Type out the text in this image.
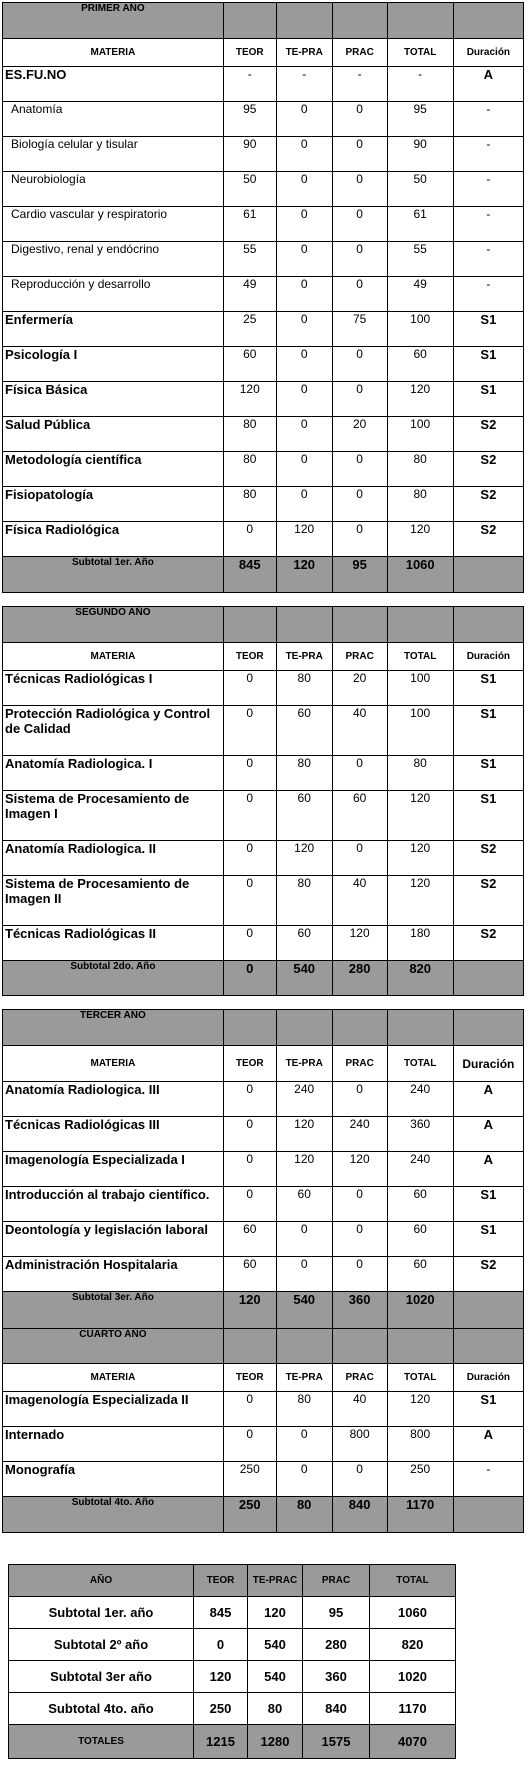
PRIMER AÑO					
MATERIA	TEOR	TE-PRA	PRAC	TOTAL	Duración
ES.FU.NO	-	-	-	-	A
Anatomía	95	0	0	95	-
Biología celular y tisular	90	0	0	90	-
Neurobiología	50	0	0	50	-
Cardio vascular y respiratorio	61	0	0	61	-
Digestivo, renal y endócrino	55	0	0	55	-
Reproducción y desarrollo	49	0	0	49	-
Enfermería	25	0	75	100	S1
Psicología I	60	0	0	60	S1
Física Básica	120	0	0	120	S1
Salud Pública	80	0	20	100	S2
Metodología científica	80	0	0	80	S2
Fisiopatología	80	0	0	80	S2
Física Radiológica	0	120	0	120	S2
Subtotal 1er. Año	845	120	95	1060	
SEGUNDO AÑO					
MATERIA	TEOR	TE-PRA	PRAC	TOTAL	Duración
Técnicas Radiológicas I	0	80	20	100	S1
Protección Radiológica y Control de Calidad	0	60	40	100	S1
Anatomía Radiologica. I	0	80	0	80	S1
Sistema de Procesamiento de Imagen I	0	60	60	120	S1
Anatomía Radiologica. II	0	120	0	120	S2
Sistema de Procesamiento de Imagen II	0	80	40	120	S2
Técnicas Radiológicas II	0	60	120	180	S2
Subtotal 2do. Año	0	540	280	820	
TERCER AÑO					
MATERIA	TEOR	TE-PRA	PRAC	TOTAL	Duración
Anatomía Radiologica. III	0	240	0	240	A
Técnicas Radiológicas III	0	120	240	360	A
Imagenología Especializada I	0	120	120	240	A
Introducción al trabajo científico.	0	60	0	60	S1
Deontología y legislación laboral	60	0	0	60	S1
Administración Hospitalaria	60	0	0	60	S2
Subtotal 3er. Año	120	540	360	1020	
CUARTO AÑO					
MATERIA	TEOR	TE-PRA	PRAC	TOTAL	Duración
Imagenología Especializada II	0	80	40	120	S1
Internado	0	0	800	800	A
Monografía	250	0	0	250	-
Subtotal 4to. Año	250	80	840	1170	
AÑO	TEOR	TE-PRAC	PRAC	TOTAL
Subtotal 1er. año	845	120	95	1060
Subtotal 2º año	0	540	280	820
Subtotal 3er año	120	540	360	1020
Subtotal 4to. año	250	80	840	1170
TOTALES	1215	1280	1575	4070
